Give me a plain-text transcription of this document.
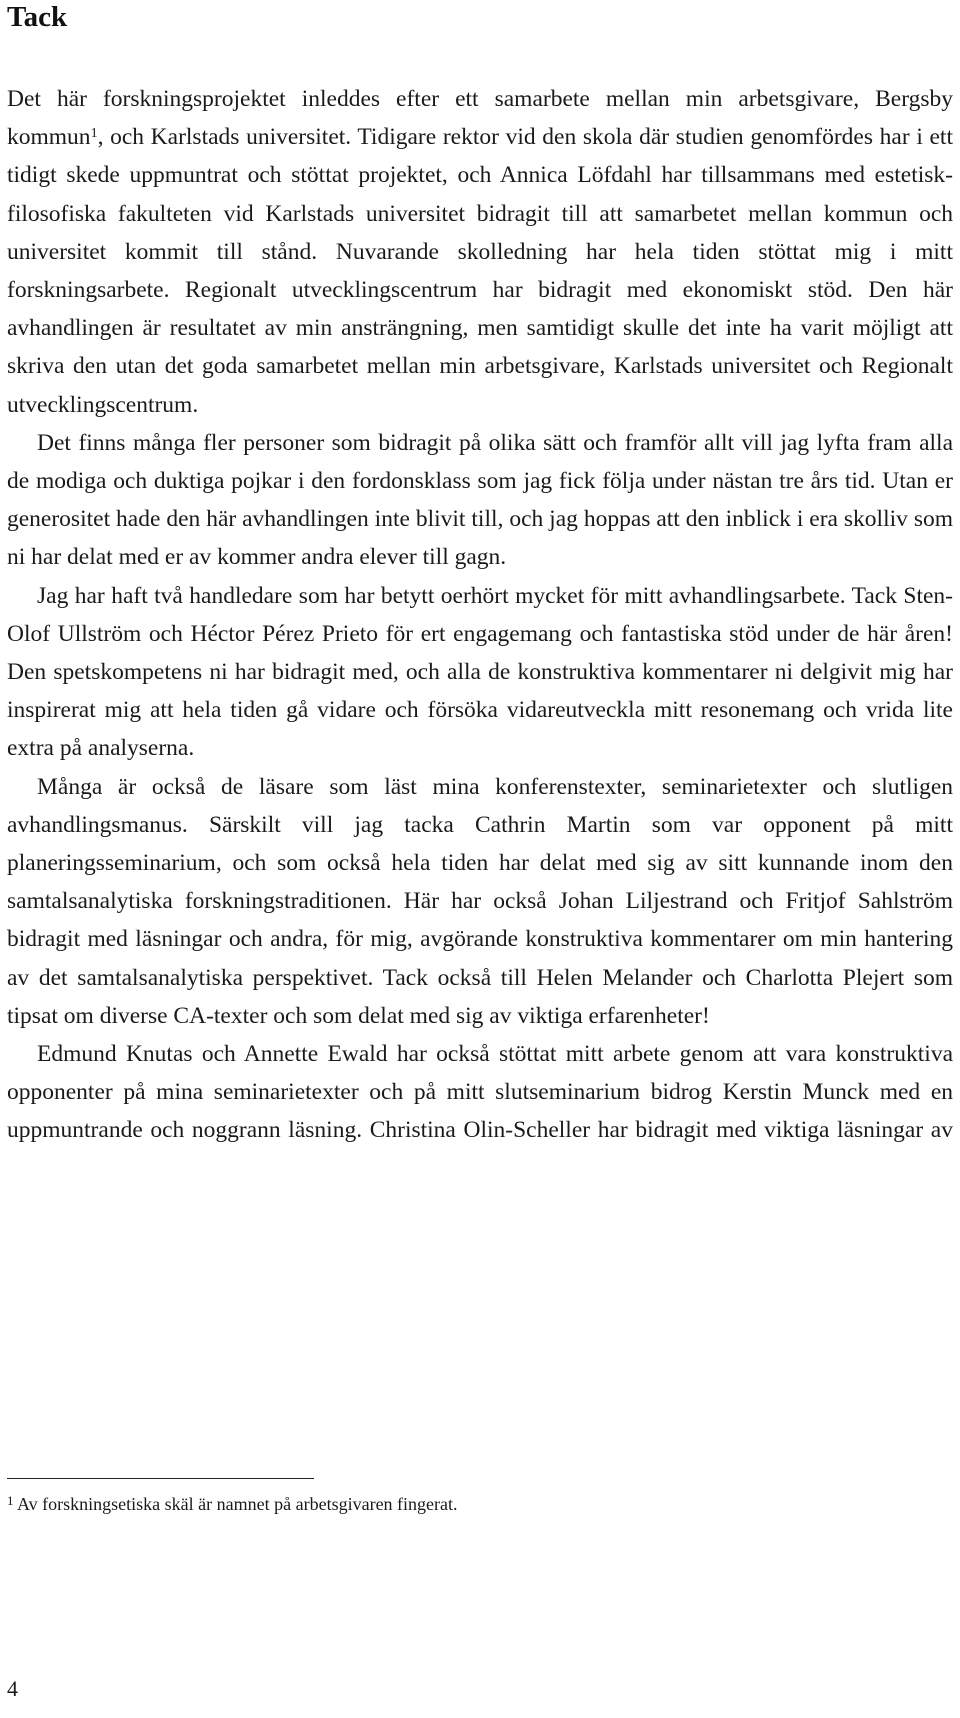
Tack

Det här forskningsprojektet inleddes efter ett samarbete mellan min arbetsgivare, Bergsby kommun$^1$, och Karlstads universitet. Tidigare rektor vid den skola där studien genomfördes har i ett tidigt skede uppmuntrat och stöttat projektet, och Annica Löfdahl har tillsammans med estetisk-filosofiska fakulteten vid Karlstads universitet bidragit till att samarbetet mellan kommun och universitet kommit till stånd. Nuvarande skolledning har hela tiden stöttat mig i mitt forskningsarbete. Regionalt utvecklingscentrum har bidragit med ekonomiskt stöd. Den här avhandlingen är resultatet av min ansträngning, men samtidigt skulle det inte ha varit möjligt att skriva den utan det goda samarbetet mellan min arbetsgivare, Karlstads universitet och Regionalt utvecklingscentrum.

Det finns många fler personer som bidragit på olika sätt och framför allt vill jag lyfta fram alla de modiga och duktiga pojkar i den fordonsklass som jag fick följa under nästan tre års tid. Utan er generositet hade den här avhandlingen inte blivit till, och jag hoppas att den inblick i era skolliv som ni har delat med er av kommer andra elever till gagn.

Jag har haft två handledare som har betytt oerhört mycket för mitt avhandlingsarbete. Tack Sten-Olof Ullström och Héctor Pérez Prieto för ert engagemang och fantastiska stöd under de här åren! Den spetskompetens ni har bidragit med, och alla de konstruktiva kommentarer ni delgivit mig har inspirerat mig att hela tiden gå vidare och försöka vidareutveckla mitt resonemang och vrida lite extra på analyserna.

Många är också de läsare som läst mina konferenstexter, seminarietexter och slutligen avhandlingsmanus. Särskilt vill jag tacka Cathrin Martin som var opponent på mitt planeringsseminarium, och som också hela tiden har delat med sig av sitt kunnande inom den samtalsanalytiska forskningstraditionen. Här har också Johan Liljestrand och Fritjof Sahlström bidragit med läsningar och andra, för mig, avgörande konstruktiva kommentarer om min hantering av det samtalsanalytiska perspektivet. Tack också till Helen Melander och Charlotta Plejert som tipsat om diverse CA-texter och som delat med sig av viktiga erfarenheter!

Edmund Knutas och Annette Ewald har också stöttat mitt arbete genom att vara konstruktiva opponenter på mina seminarietexter och på mitt slutseminarium bidrog Kerstin Munck med en uppmuntrande och noggrann läsning. Christina Olin-Scheller har bidragit med viktiga läsningar av

$^1$ Av forskningsetiska skäl är namnet på arbetsgivaren fingerat.
4
